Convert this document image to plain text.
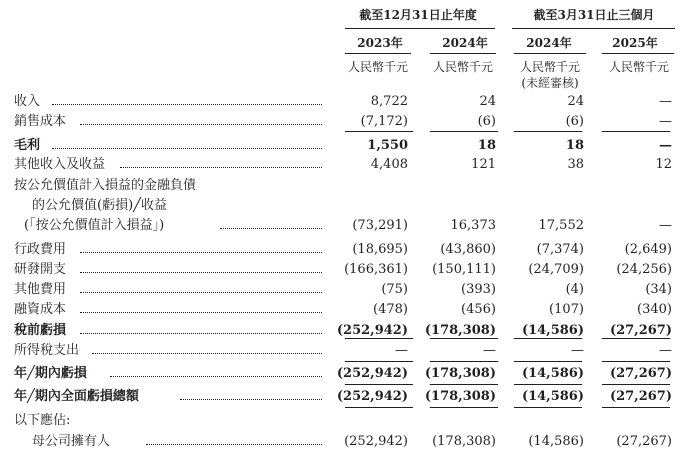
截至12月31日止年度	截至3月31日止三個月
2023年	2024年	2024年	2025年
人民幣千元	人民幣千元	人民幣千元	人民幣千元
(未經審核)
收入	8,722	24	24	—
銷售成本	(7,172)	(6)	(6)	—
毛利	1,550	18	18	—
其他收入及收益	4,408	121	38	12
按公允價值計入損益的金融負債
的公允價值(虧損)╱收益
(「按公允價值計入損益」)	(73,291)	16,373	17,552	—
行政費用	(18,695) (43,860)	(7,374)	(2,649)
研發開支	(166,361) (150,111) (24,709) (24,256)
其他費用	(75)	(393)	(4)	(34)
融資成本	(478)	(456)	(107)	(340)
稅前虧損	(252,942) (178,308) (14,586) (27,267)
所得稅支出	—	—	—	—
年╱期內虧損	(252,942) (178,308) (14,586) (27,267)
年╱期內全面虧損總額	(252,942) (178,308) (14,586) (27,267)
以下應佔:
母公司擁有人	(252,942) (178,308) (14,586) (27,267)
